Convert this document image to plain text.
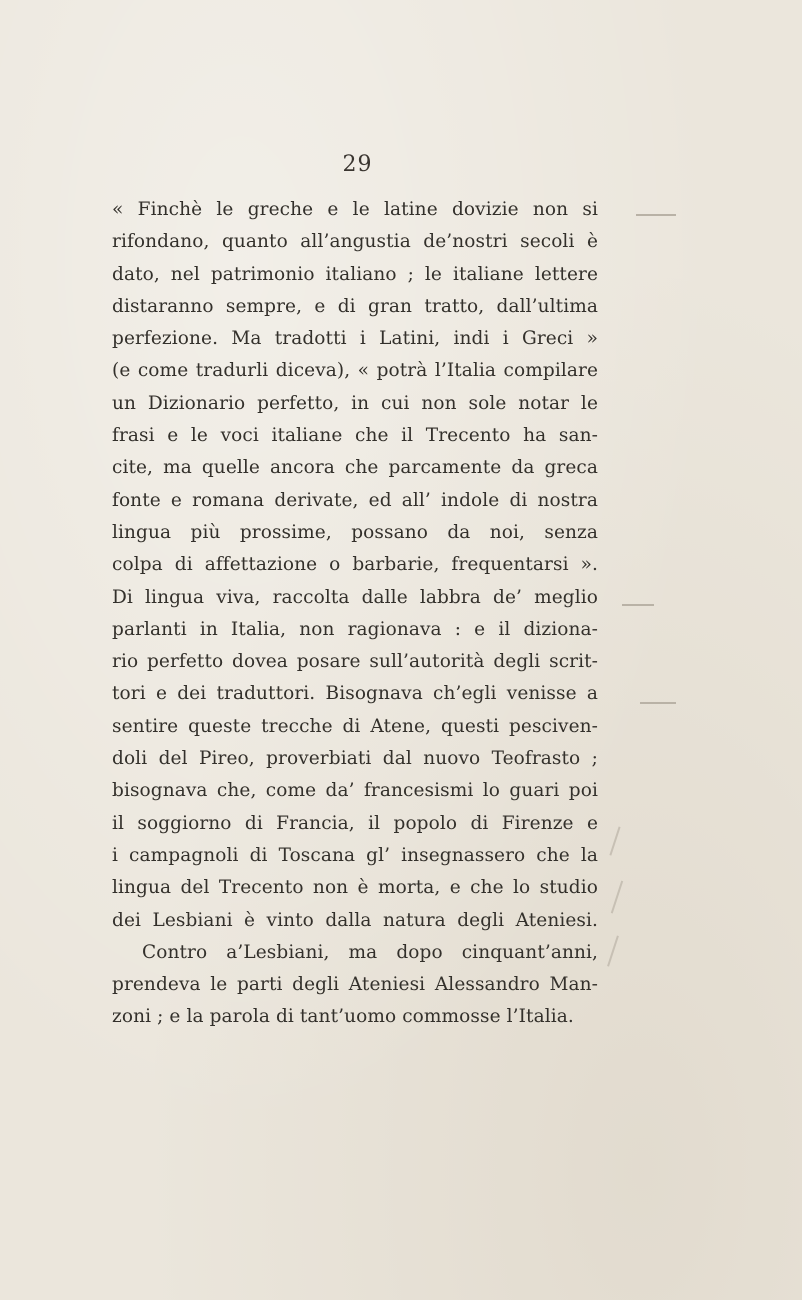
29
« Finchè le greche e le latine dovizie non si
rifondano, quanto all’angustia de’nostri secoli è
dato, nel patrimonio italiano ; le italiane lettere
distaranno sempre, e di gran tratto, dall’ultima
perfezione. Ma tradotti i Latini, indi i Greci »
(e come tradurli diceva), « potrà l’Italia compilare
un Dizionario perfetto, in cui non sole notar le
frasi e le voci italiane che il Trecento ha san-
cite, ma quelle ancora che parcamente da greca
fonte e romana derivate, ed all’ indole di nostra
lingua più prossime, possano da noi, senza
colpa di affettazione o barbarie, frequentarsi ».
Di lingua viva, raccolta dalle labbra de’ meglio
parlanti in Italia, non ragionava : e il diziona-
rio perfetto dovea posare sull’autorità degli scrit-
tori e dei traduttori. Bisognava ch’egli venisse a
sentire queste trecche di Atene, questi pesciven-
doli del Pireo, proverbiati dal nuovo Teofrasto ;
bisognava che, come da’ francesismi lo guari poi
il soggiorno di Francia, il popolo di Firenze e
i campagnoli di Toscana gl’ insegnassero che la
lingua del Trecento non è morta, e che lo studio
dei Lesbiani è vinto dalla natura degli Ateniesi.
Contro a’Lesbiani, ma dopo cinquant’anni,
prendeva le parti degli Ateniesi Alessandro Man-
zoni ; e la parola di tant’uomo commosse l’Italia.
